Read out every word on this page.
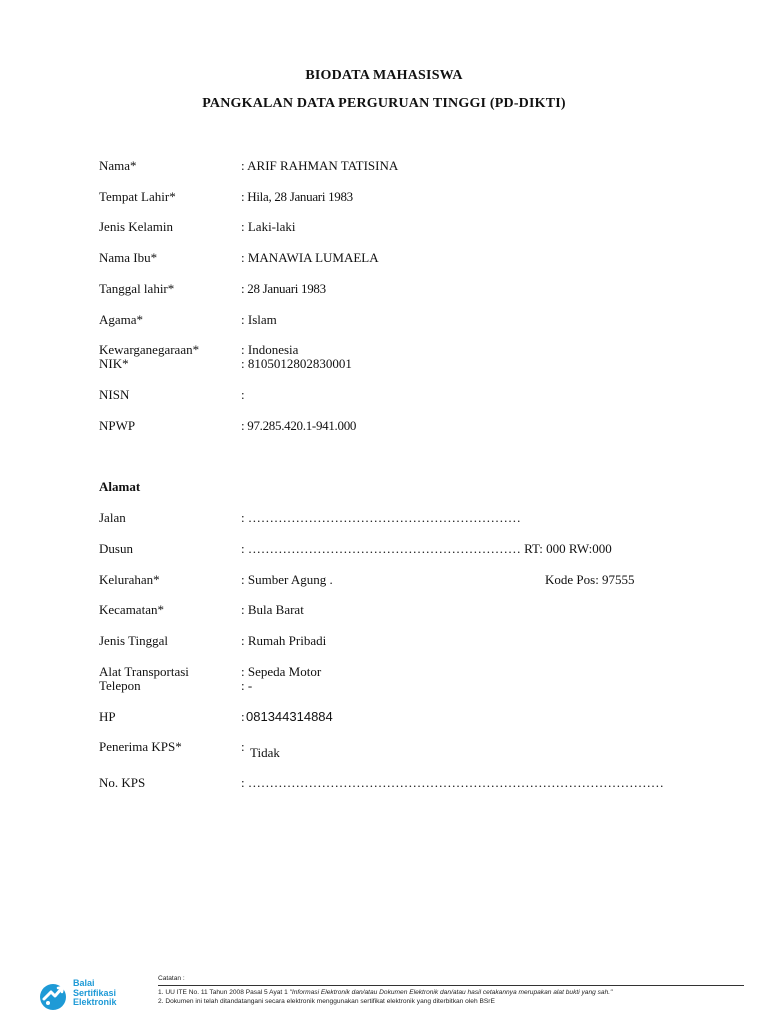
BIODATA MAHASISWA
PANGKALAN DATA PERGURUAN TINGGI (PD-DIKTI)
Nama*	: ARIF RAHMAN TATISINA
Tempat Lahir*	: Hila, 28 Januari 1983
Jenis Kelamin	: Laki-laki
Nama Ibu*	: MANAWIA LUMAELA
Tanggal lahir*	: 28 Januari 1983
Agama*	: Islam
Kewarganegaraan*	: Indonesia
NIK*	: 8105012802830001
NISN	:
NPWP	: 97.285.420.1-941.000
Alamat
Jalan	: ………………………………………………………
Dusun	: ……………………………………………………… RT: 000 RW:000
Kelurahan*	: Sumber Agung .	Kode Pos: 97555
Kecamatan*	: Bula Barat
Jenis Tinggal	: Rumah Pribadi
Alat Transportasi	: Sepeda Motor
Telepon	: -
HP	: 081344314884
Penerima KPS*	: Tidak
No. KPS	: ……………………………………………………………………………………
Balai
Sertifikasi
Elektronik
Catatan :
1. UU ITE No. 11 Tahun 2008 Pasal 5 Ayat 1 "Informasi Elektronik dan/atau Dokumen Elektronik dan/atau hasil cetakannya merupakan alat bukti yang sah."
2. Dokumen ini telah ditandatangani secara elektronik menggunakan sertifikat elektronik yang diterbitkan oleh BSrE
